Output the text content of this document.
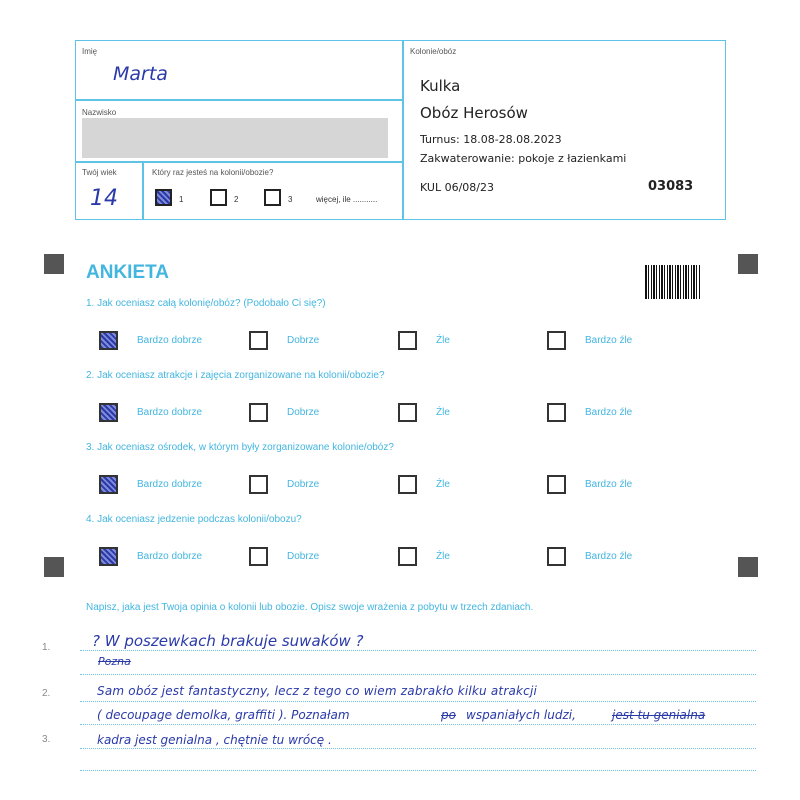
Imię
Marta
Nazwisko
Twój wiek
14
Który raz jesteś na kolonii/obozie?
1	2	3	więcej, ile ...........
Kolonie/obóz
Kulka
Obóz Herosów
Turnus: 18.08-28.08.2023
Zakwaterowanie: pokoje z łazienkami
KUL 06/08/23	03083
ANKIETA
1. Jak oceniasz całą kolonię/obóz? (Podobało Ci się?)
Bardzo dobrze	Dobrze	Źle	Bardzo źle
2. Jak oceniasz atrakcje i zajęcia zorganizowane na kolonii/obozie?
Bardzo dobrze	Dobrze	Źle	Bardzo źle
3. Jak oceniasz ośrodek, w którym były zorganizowane kolonie/obóz?
Bardzo dobrze	Dobrze	Źle	Bardzo źle
4. Jak oceniasz jedzenie podczas kolonii/obozu?
Bardzo dobrze	Dobrze	Źle	Bardzo źle
Napisz, jaka jest Twoja opinia o kolonii lub obozie. Opisz swoje wrażenia z pobytu w trzech zdaniach.
1.
2.
3.
? W poszewkach brakuje suwaków ?
Pozna
Sam obóz jest fantastyczny, lecz z tego co wiem zabrakło kilku atrakcji
( decoupage demolka, graffiti ). Poznałam	po wspaniałych ludzi,	jest tu genialna
kadra jest genialna , chętnie tu wrócę .
